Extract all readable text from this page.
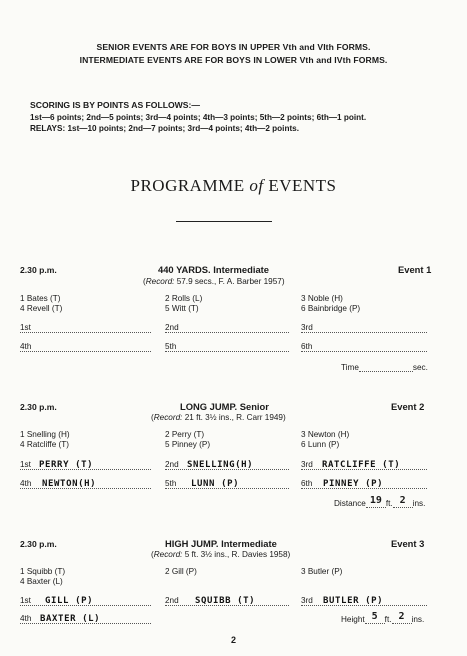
SENIOR EVENTS ARE FOR BOYS IN UPPER Vth and VIth FORMS.
INTERMEDIATE EVENTS ARE FOR BOYS IN LOWER Vth and IVth FORMS.
SCORING IS BY POINTS AS FOLLOWS:—
1st—6 points; 2nd—5 points; 3rd—4 points; 4th—3 points; 5th—2 points; 6th—1 point.
RELAYS: 1st—10 points; 2nd—7 points; 3rd—4 points; 4th—2 points.
PROGRAMME of EVENTS
2.30 p.m.	440 YARDS. Intermediate	Event 1
(Record: 57.9 secs., F. A. Barber 1957)
1 Bates (T)	2 Rolls (L)	3 Noble (H)
4 Revell (T)	5 Witt (T)	6 Bainbridge (P)
1st	2nd	3rd
4th	5th	6th
Time	sec.
2.30 p.m.	LONG JUMP. Senior	Event 2
(Record: 21 ft. 3½ ins., R. Carr 1949)
1 Snelling (H)	2 Perry (T)	3 Newton (H)
4 Ratcliffe (T)	5 Pinney (P)	6 Lunn (P)
1st PERRY (T)	2nd SNELLING(H)	3rd RATCLIFFE (T)
4th NEWTON(H)	5th LUNN (P)	6th PINNEY (P)
Distance 19 ft. 2 ins.
2.30 p.m.	HIGH JUMP. Intermediate	Event 3
(Record: 5 ft. 3½ ins., R. Davies 1958)
1 Squibb (T)	2 Gill (P)	3 Butler (P)
4 Baxter (L)
1st GILL (P)	2nd SQUIBB (T)	3rd BUTLER (P)
4th BAXTER (L)	Height 5 ft. 2 ins.
2
